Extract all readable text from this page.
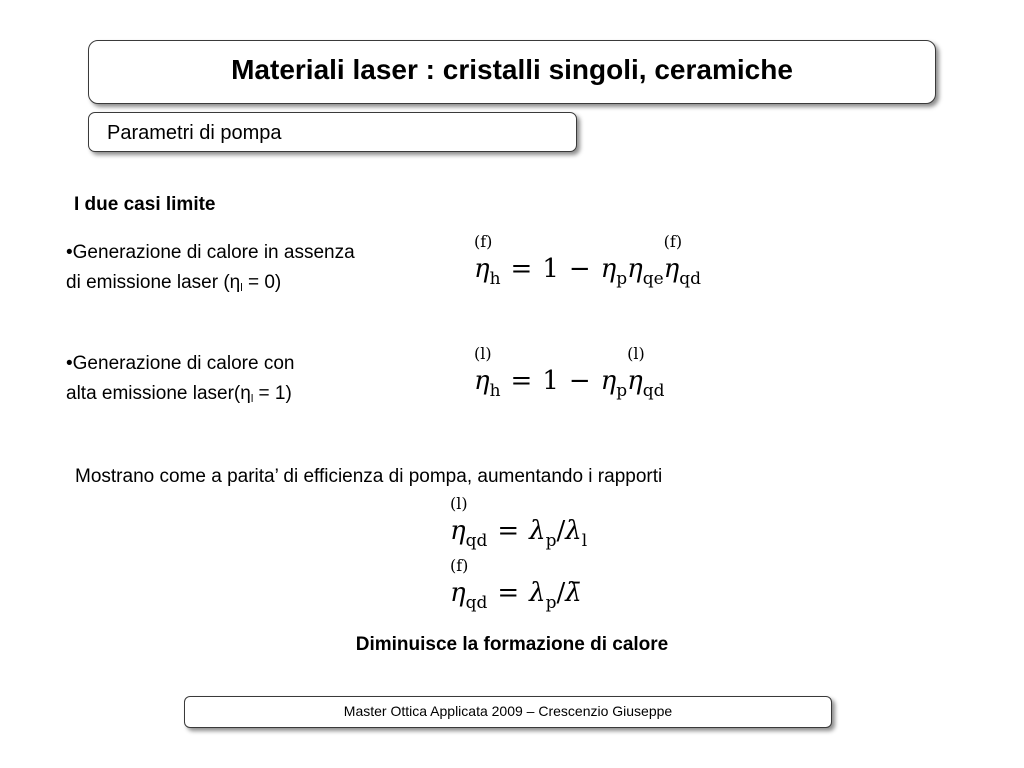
Materiali laser : cristalli singoli, ceramiche
Parametri di pompa
I due casi limite
•Generazione di calore in assenza
di emissione laser $(\eta_l = 0)$	η
(f)
$_h = 1 - \eta_p\eta_{qe}\eta$
(f)
$_{qd}$
•Generazione di calore con
alta emissione $laser(\eta_l = 1)$	η
(l)
$_h = 1 - \eta_p\eta$
(l)
$_{qd}$
Mostrano come a parita’ di efficienza di pompa, aumentando i rapporti
η
(l)
$_{qd} = \lambda_p/\lambda_l$
η
(f)
$_{qd} = \lambda_p/\lambdā$
Diminuisce la formazione di calore
Master Ottica Applicata 2009 – Crescenzio Giuseppe
